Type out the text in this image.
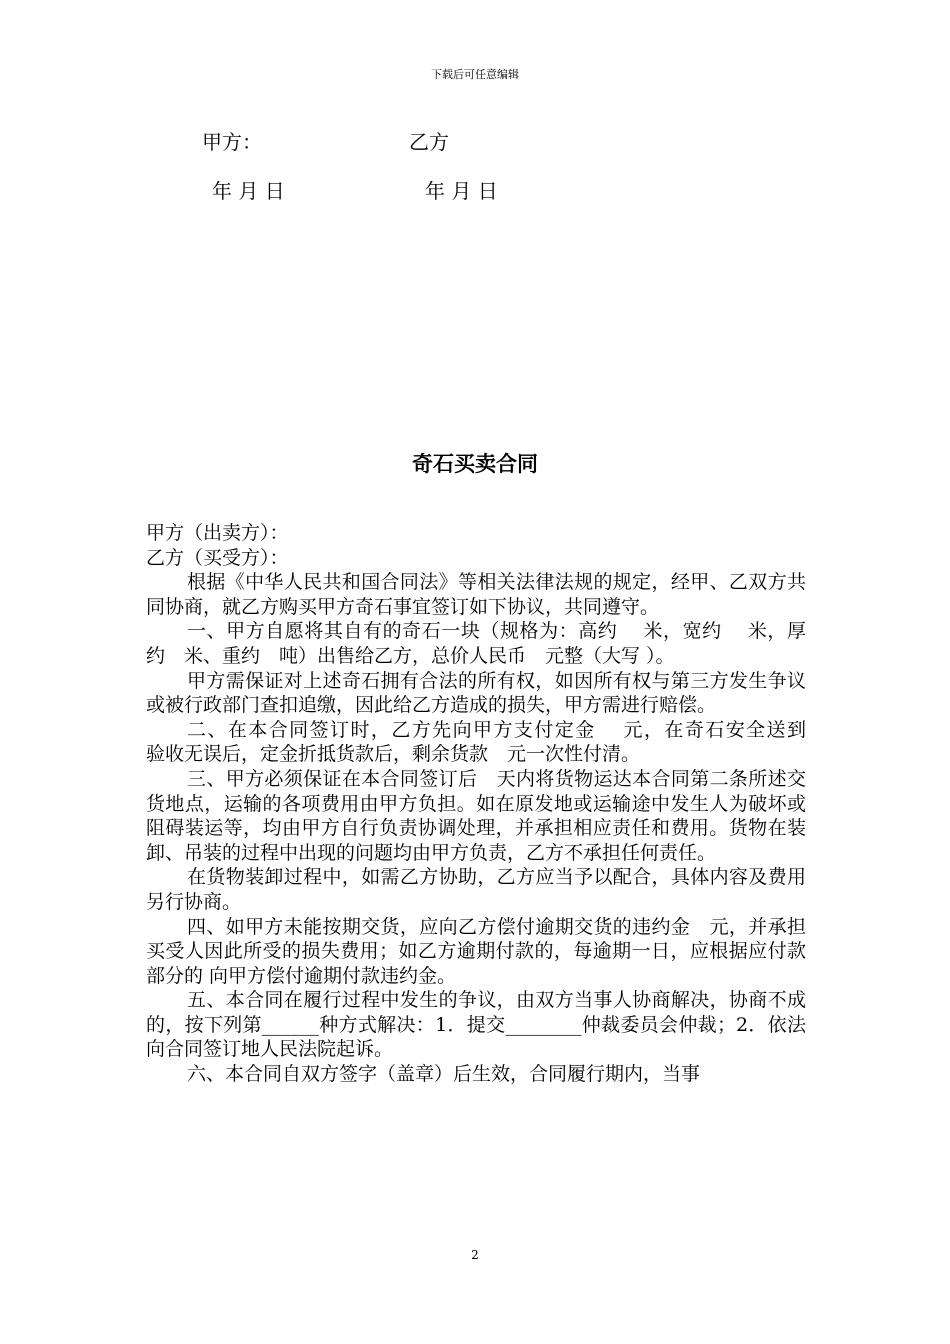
下载后可任意编辑
甲方：	乙方
年 月 日	年 月 日
奇石买卖合同

甲方（出卖方）：

乙方（买受方）：

根据《中华人民共和国合同法》等相关法律法规的规定，经甲、乙双方共同协商，就乙方购买甲方奇石事宜签订如下协议，共同遵守。

一、甲方自愿将其自有的奇石一块（规格为：高约　 米，宽约　 米，厚约　米、重约　吨）出售给乙方，总价人民币　元整（大写 ）。

甲方需保证对上述奇石拥有合法的所有权，如因所有权与第三方发生争议或被行政部门查扣追缴，因此给乙方造成的损失，甲方需进行赔偿。

二、在本合同签订时，乙方先向甲方支付定金　 元，在奇石安全送到　　 验收无误后，定金折抵货款后，剩余货款　元一次性付清。

三、甲方必须保证在本合同签订后　天内将货物运达本合同第二条所述交货地点，运输的各项费用由甲方负担。如在原发地或运输途中发生人为破坏或阻碍装运等，均由甲方自行负责协调处理，并承担相应责任和费用。货物在装卸、吊装的过程中出现的问题均由甲方负责，乙方不承担任何责任。

在货物装卸过程中，如需乙方协助，乙方应当予以配合，具体内容及费用另行协商。

四、如甲方未能按期交货，应向乙方偿付逾期交货的违约金　元，并承担买受人因此所受的损失费用；如乙方逾期付款的，每逾期一日，应根据应付款部分的 向甲方偿付逾期付款违约金。

五、本合同在履行过程中发生的争议，由双方当事人协商解决，协商不成的，按下列第______种方式解决：1．提交________仲裁委员会仲裁；2．依法向合同签订地人民法院起诉。

六、本合同自双方签字（盖章）后生效，合同履行期内，当事

2
